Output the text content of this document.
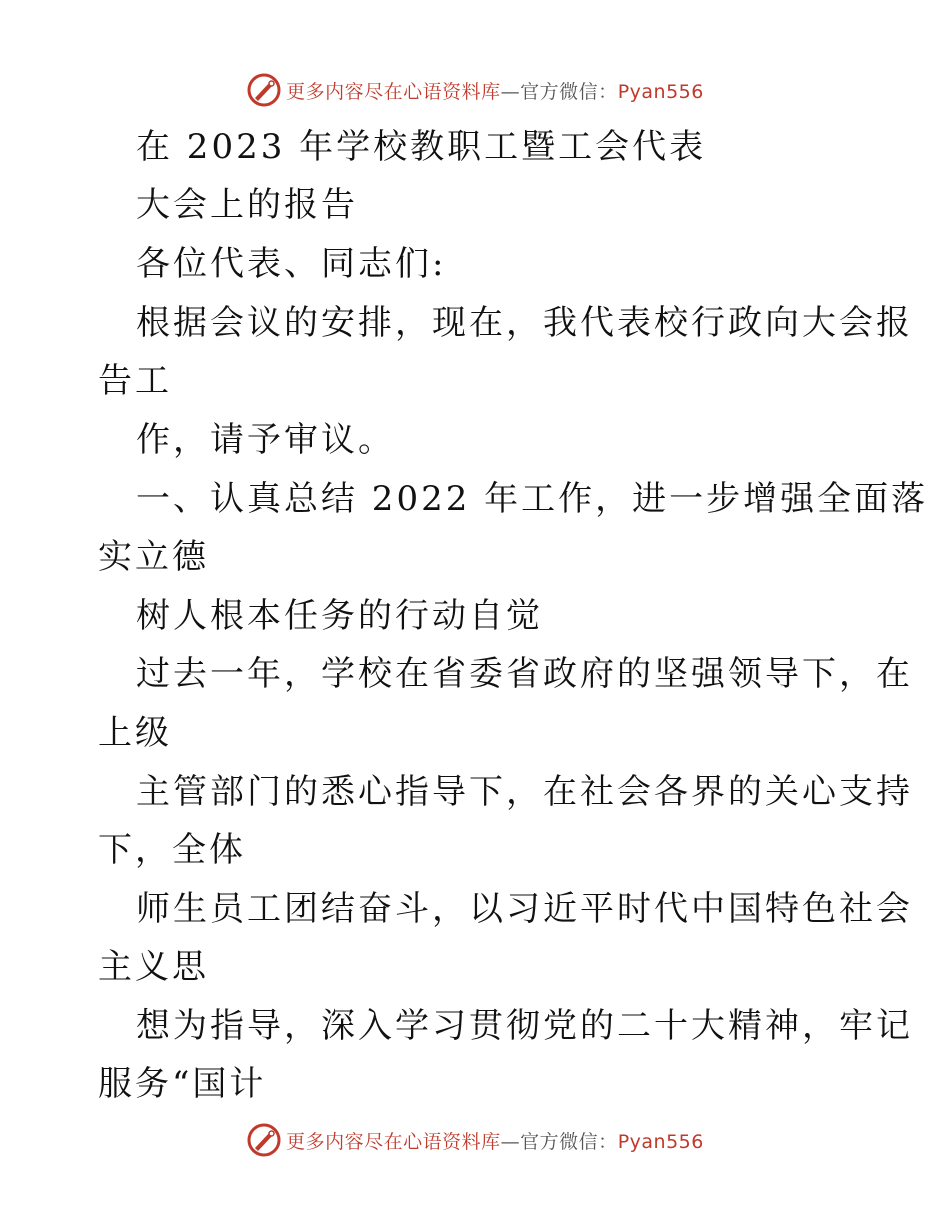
更多内容尽在心语资料库—官方微信：Pyan556
在 2023 年学校教职工暨工会代表
大会上的报告
各位代表、同志们:
根据会议的安排，现在，我代表校行政向大会报
告工
作，请予审议。
一、认真总结 2022 年工作，进一步增强全面落
实立德
树人根本任务的行动自觉
过去一年，学校在省委省政府的坚强领导下，在
上级
主管部门的悉心指导下，在社会各界的关心支持
下，全体
师生员工团结奋斗，以习近平时代中国特色社会
主义思
想为指导，深入学习贯彻党的二十大精神，牢记
服务“国计
更多内容尽在心语资料库—官方微信：Pyan556
